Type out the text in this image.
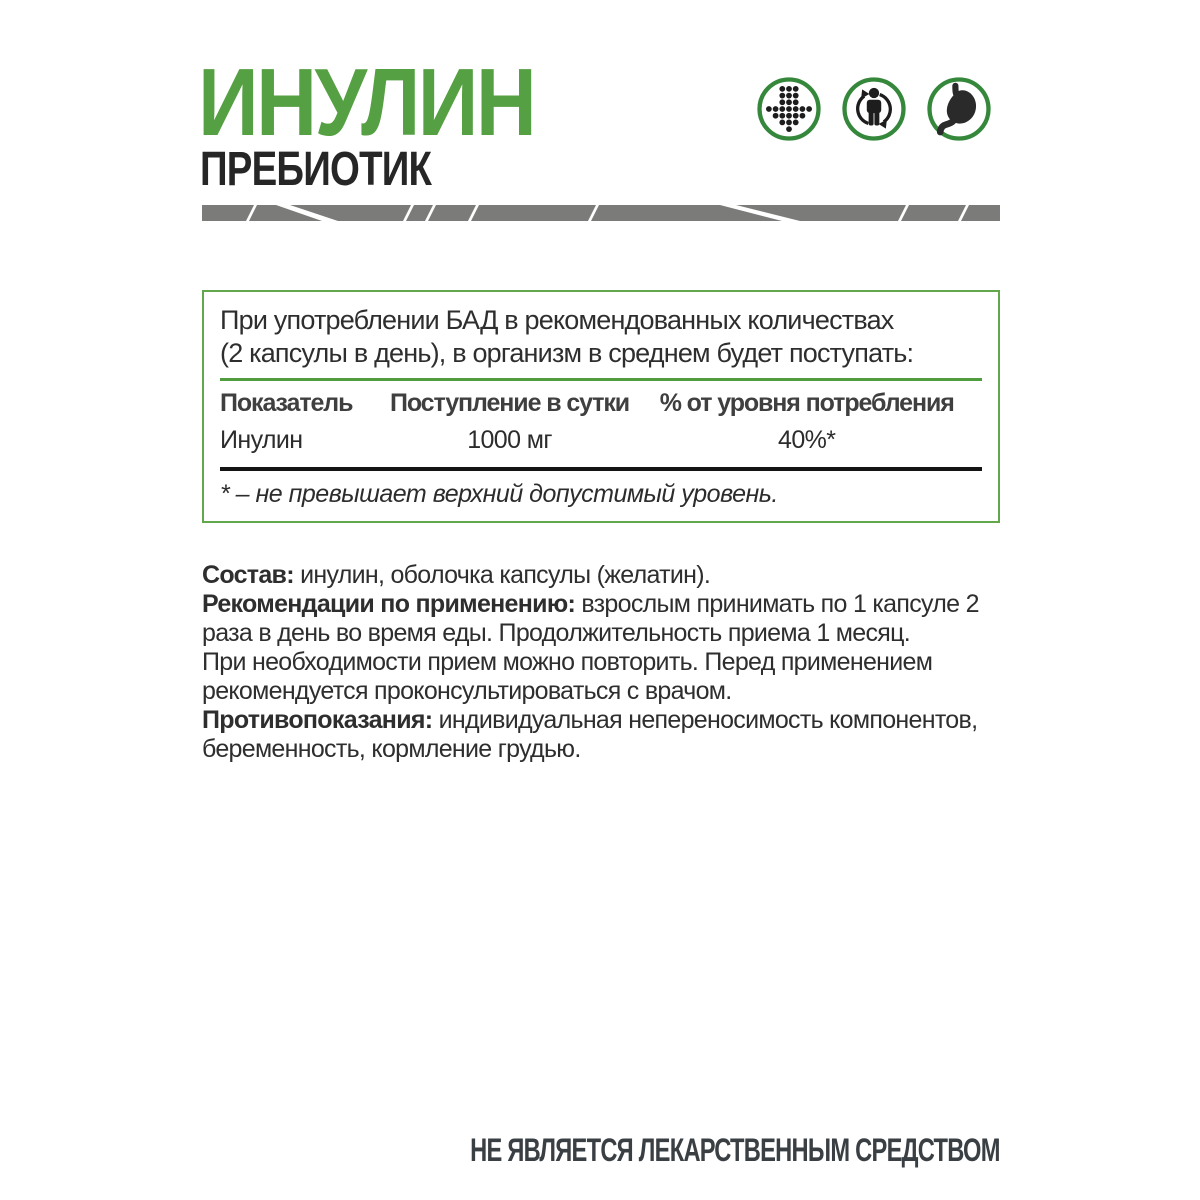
ИНУЛИН
ПРЕБИОТИК
При употреблении БАД в рекомендованных количествах
(2 капсулы в день), в организм в среднем будет поступать:
Показатель	Поступление в сутки	% от уровня потребления
Инулин	1000 мг	40%*
* – не превышает верхний допустимый уровень.
Состав: инулин, оболочка капсулы (желатин).
Рекомендации по применению: взрослым принимать по 1 капсуле 2 раза в день во время еды. Продолжительность приема 1 месяц.
При необходимости прием можно повторить. Перед применением рекомендуется проконсультироваться с врачом.
Противопоказания: индивидуальная непереносимость компонентов, беременность, кормление грудью.
НЕ ЯВЛЯЕТСЯ ЛЕКАРСТВЕННЫМ СРЕДСТВОМ
